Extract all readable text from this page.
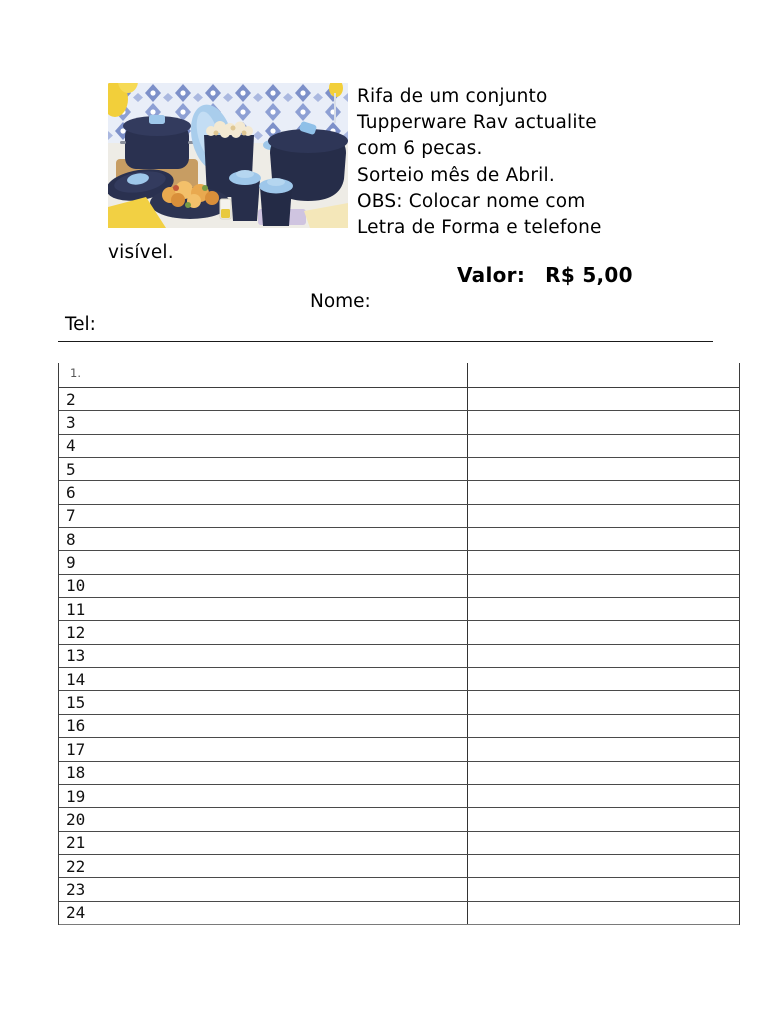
Rifa de um conjunto
Tupperware Rav actualite
com 6 pecas.
Sorteio mês de Abril.
OBS: Colocar nome com
Letra de Forma e telefone
visível.
Valor: R$ 5,00
Nome:
Tel:
1.
2
3
4
5
6
7
8
9
10
11
12
13
14
15
16
17
18
19
20
21
22
23
24
